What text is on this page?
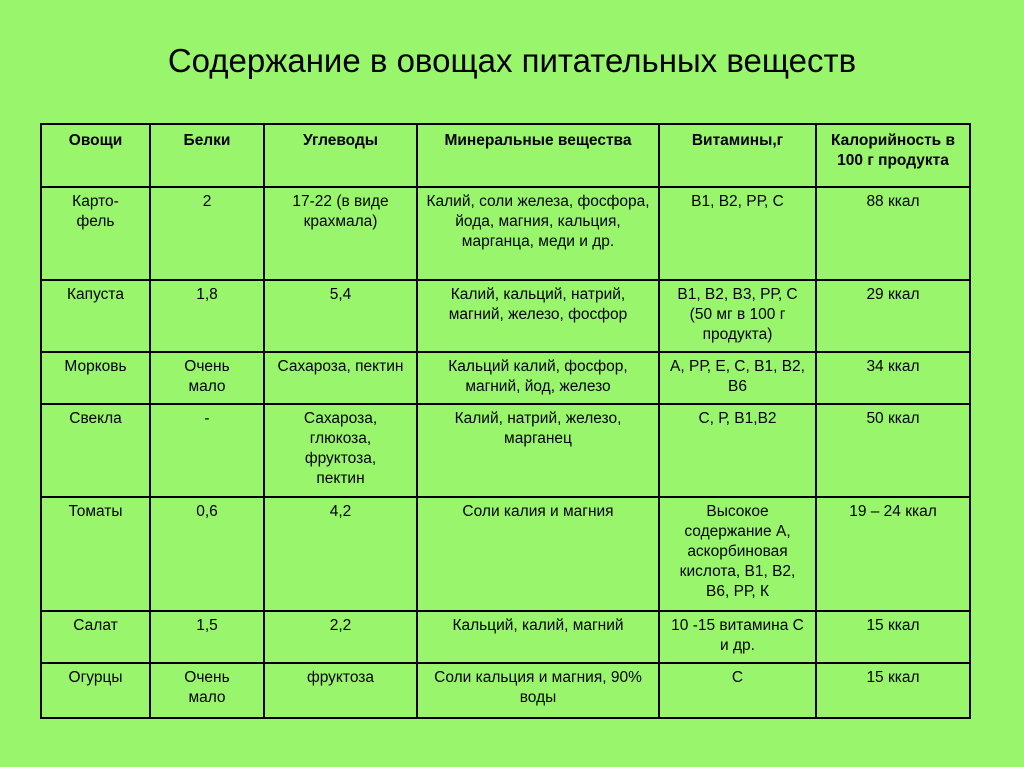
Содержание в овощах питательных веществ
Овощи	Белки	Углеводы	Минеральные вещества	Витамины,г	Калорийность в 100 г продукта
Карто-фель	2	17-22 (в виде крахмала)	Калий, соли железа, фосфора, йода, магния, кальция, марганца, меди и др.	В1, В2, РР, С	88 ккал
Капуста	1,8	5,4	Калий, кальций, натрий, магний, железо, фосфор	В1, В2, В3, РР, С (50 мг в 100 г продукта)	29 ккал
Морковь	Очень мало	Сахароза, пектин	Кальций калий, фосфор, магний, йод, железо	А, РР, Е, С, В1, В2, В6	34 ккал
Свекла	-	Сахароза, глюкоза, фруктоза, пектин	Калий, натрий, железо, марганец	С, Р, В1,В2	50 ккал
Томаты	0,6	4,2	Соли калия и магния	Высокое содержание А, аскорбиновая кислота, В1, В2, В6, РР, К	19 – 24 ккал
Салат	1,5	2,2	Кальций, калий, магний	10 -15 витамина С и др.	15 ккал
Огурцы	Очень мало	фруктоза	Соли кальция и магния, 90% воды	С	15 ккал
